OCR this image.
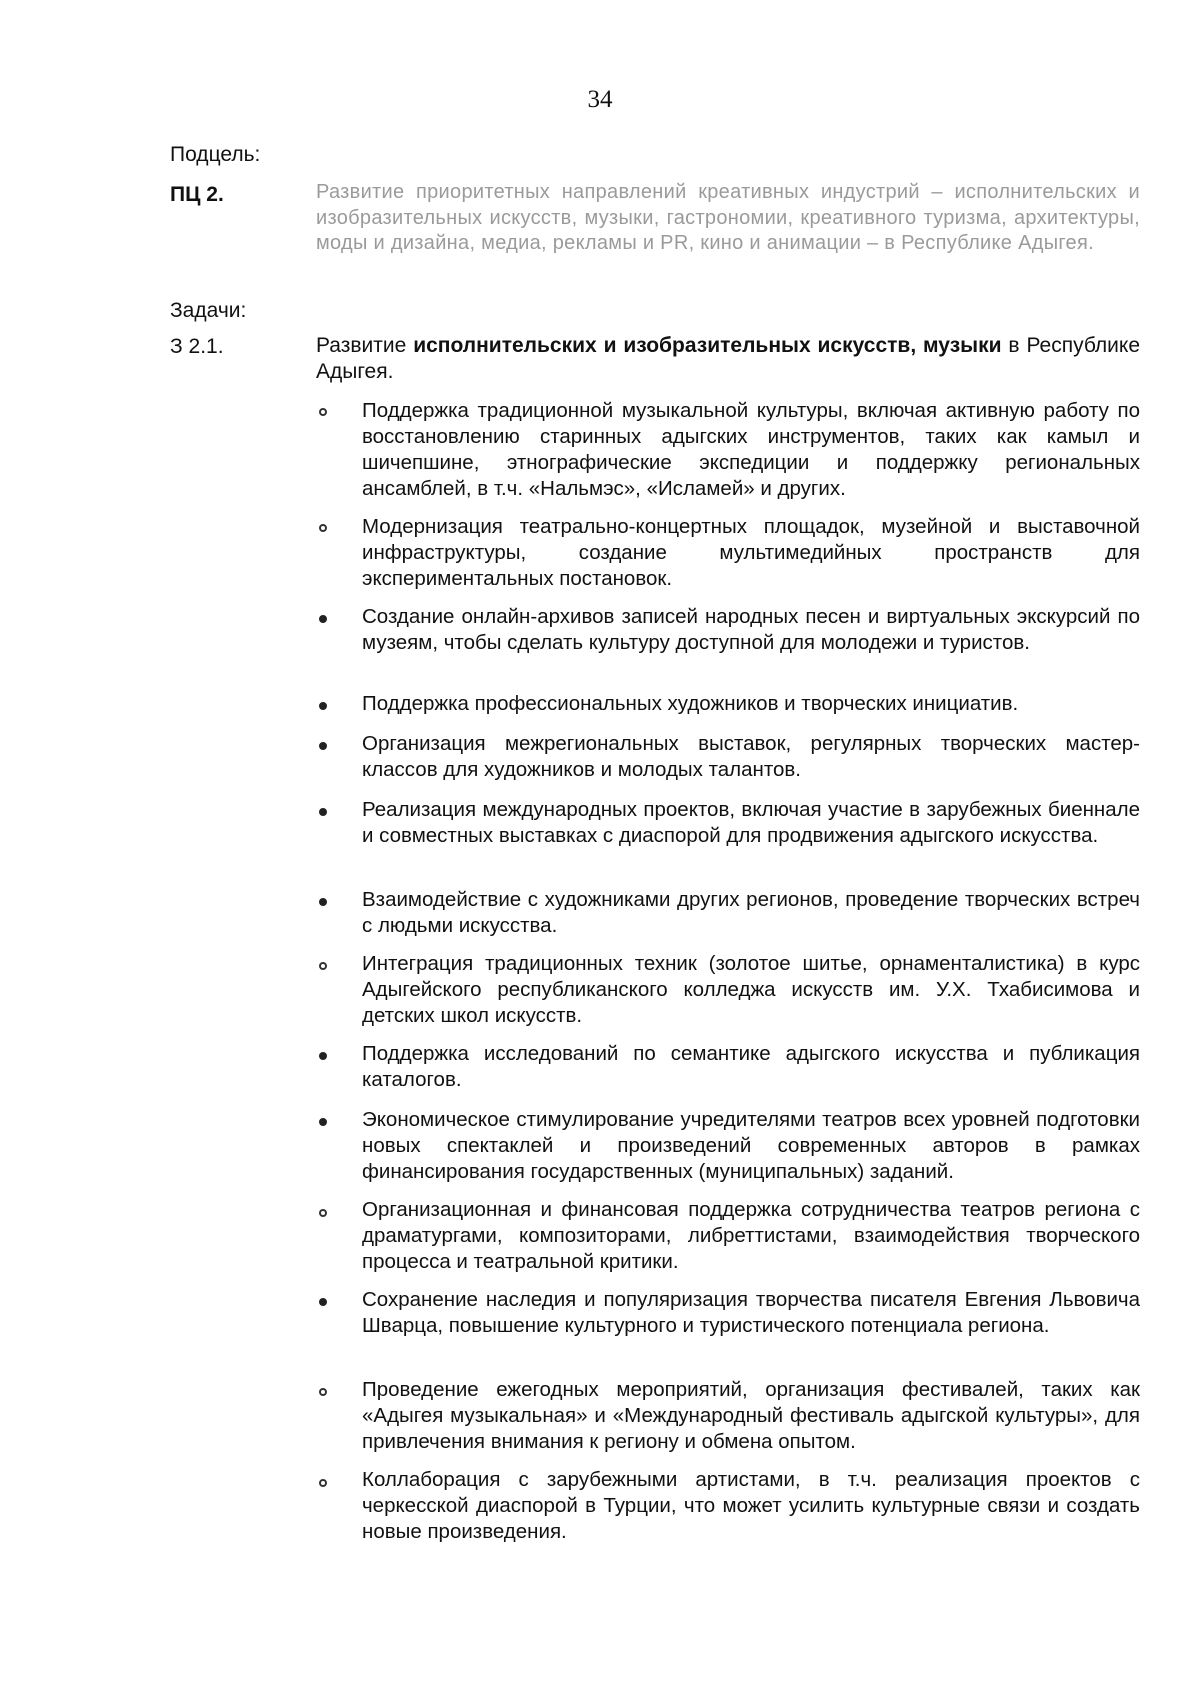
34
Подцель:
ПЦ 2.	Развитие приоритетных направлений креативных индустрий – исполнительских и изобразительных искусств, музыки, гастрономии, креативного туризма, архитектуры, моды и дизайна, медиа, рекламы и PR, кино и анимации – в Республике Адыгея.
Задачи:
З 2.1.	Развитие исполнительских и изобразительных искусств, музыки в Республике Адыгея.
Поддержка традиционной музыкальной культуры, включая активную работу по восстановлению старинных адыгских инструментов, таких как камыл и шичепшине, этнографические экспедиции и поддержку региональных ансамблей, в т.ч. «Нальмэс», «Исламей» и других.
Модернизация театрально-концертных площадок, музейной и выставочной инфраструктуры, создание мультимедийных пространств для экспериментальных постановок.
Создание онлайн-архивов записей народных песен и виртуальных экскурсий по музеям, чтобы сделать культуру доступной для молодежи и туристов.
Поддержка профессиональных художников и творческих инициатив.
Организация межрегиональных выставок, регулярных творческих мастер-классов для художников и молодых талантов.
Реализация международных проектов, включая участие в зарубежных биеннале и совместных выставках с диаспорой для продвижения адыгского искусства.
Взаимодействие с художниками других регионов, проведение творческих встреч с людьми искусства.
Интеграция традиционных техник (золотое шитье, орнаменталистика) в курс Адыгейского республиканского колледжа искусств им. У.Х. Тхабисимова и детских школ искусств.
Поддержка исследований по семантике адыгского искусства и публикация каталогов.
Экономическое стимулирование учредителями театров всех уровней подготовки новых спектаклей и произведений современных авторов в рамках финансирования государственных (муниципальных) заданий.
Организационная и финансовая поддержка сотрудничества театров региона с драматургами, композиторами, либреттистами, взаимодействия творческого процесса и театральной критики.
Сохранение наследия и популяризация творчества писателя Евгения Львовича Шварца, повышение культурного и туристического потенциала региона.
Проведение ежегодных мероприятий, организация фестивалей, таких как «Адыгея музыкальная» и «Международный фестиваль адыгской культуры», для привлечения внимания к региону и обмена опытом.
Коллаборация с зарубежными артистами, в т.ч. реализация проектов с черкесской диаспорой в Турции, что может усилить культурные связи и создать новые произведения.
